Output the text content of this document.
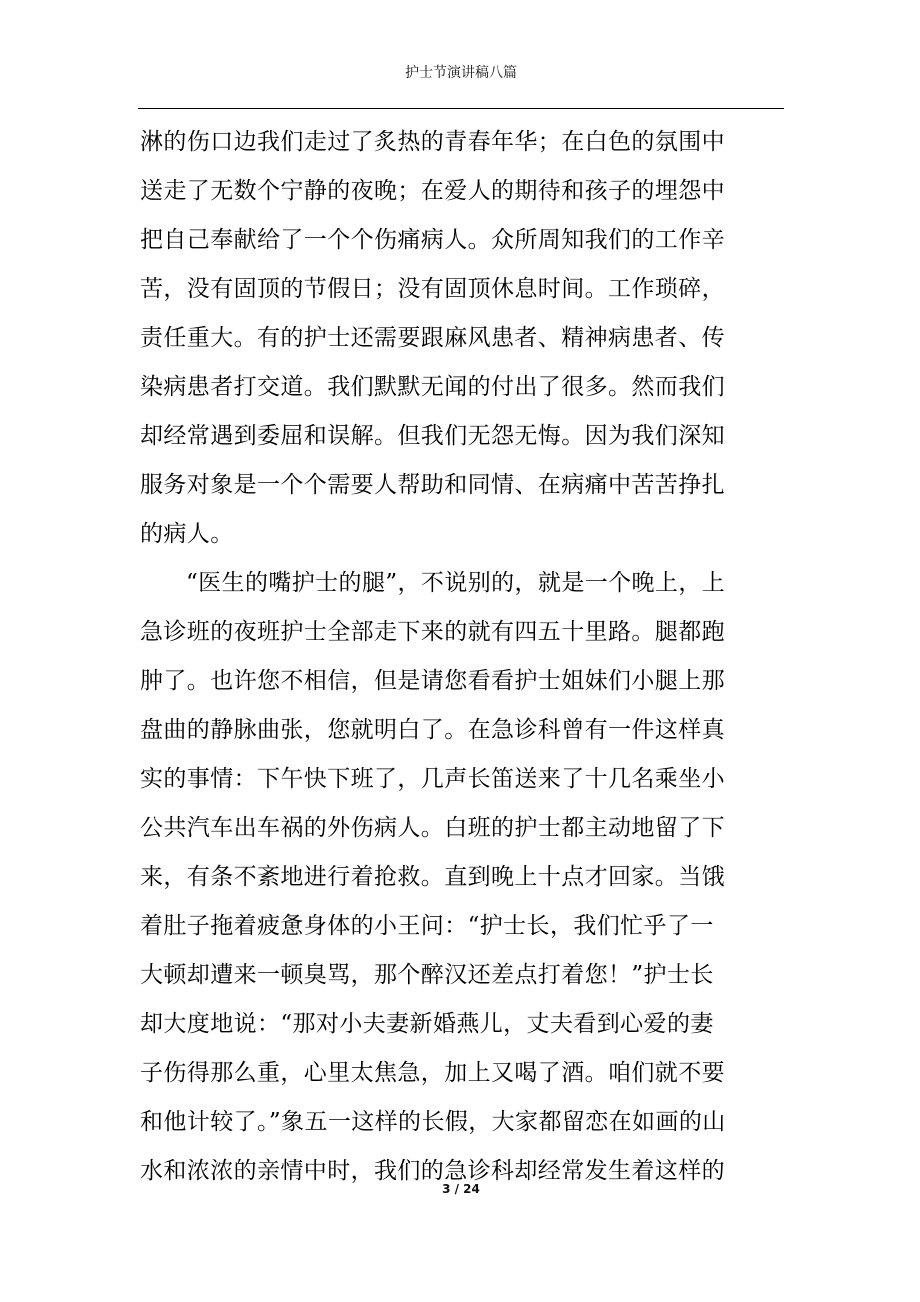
护士节演讲稿八篇
淋的伤口边我们走过了炙热的青春年华；在白色的氛围中
送走了无数个宁静的夜晚；在爱人的期待和孩子的埋怨中
把自己奉献给了一个个伤痛病人。众所周知我们的工作辛
苦，没有固顶的节假日；没有固顶休息时间。工作琐碎，
责任重大。有的护士还需要跟麻风患者、精神病患者、传
染病患者打交道。我们默默无闻的付出了很多。然而我们
却经常遇到委屈和误解。但我们无怨无悔。因为我们深知
服务对象是一个个需要人帮助和同情、在病痛中苦苦挣扎
的病人。
“医生的嘴护士的腿”，不说别的，就是一个晚上，上
急诊班的夜班护士全部走下来的就有四五十里路。腿都跑
肿了。也许您不相信，但是请您看看护士姐妹们小腿上那
盘曲的静脉曲张，您就明白了。在急诊科曾有一件这样真
实的事情：下午快下班了，几声长笛送来了十几名乘坐小
公共汽车出车祸的外伤病人。白班的护士都主动地留了下
来，有条不紊地进行着抢救。直到晚上十点才回家。当饿
着肚子拖着疲惫身体的小王问：“护士长，我们忙乎了一
大顿却遭来一顿臭骂，那个醉汉还差点打着您！”护士长
却大度地说：“那对小夫妻新婚燕儿，丈夫看到心爱的妻
子伤得那么重，心里太焦急，加上又喝了酒。咱们就不要
和他计较了。”象五一这样的长假，大家都留恋在如画的山
水和浓浓的亲情中时，我们的急诊科却经常发生着这样的
3 / 24
